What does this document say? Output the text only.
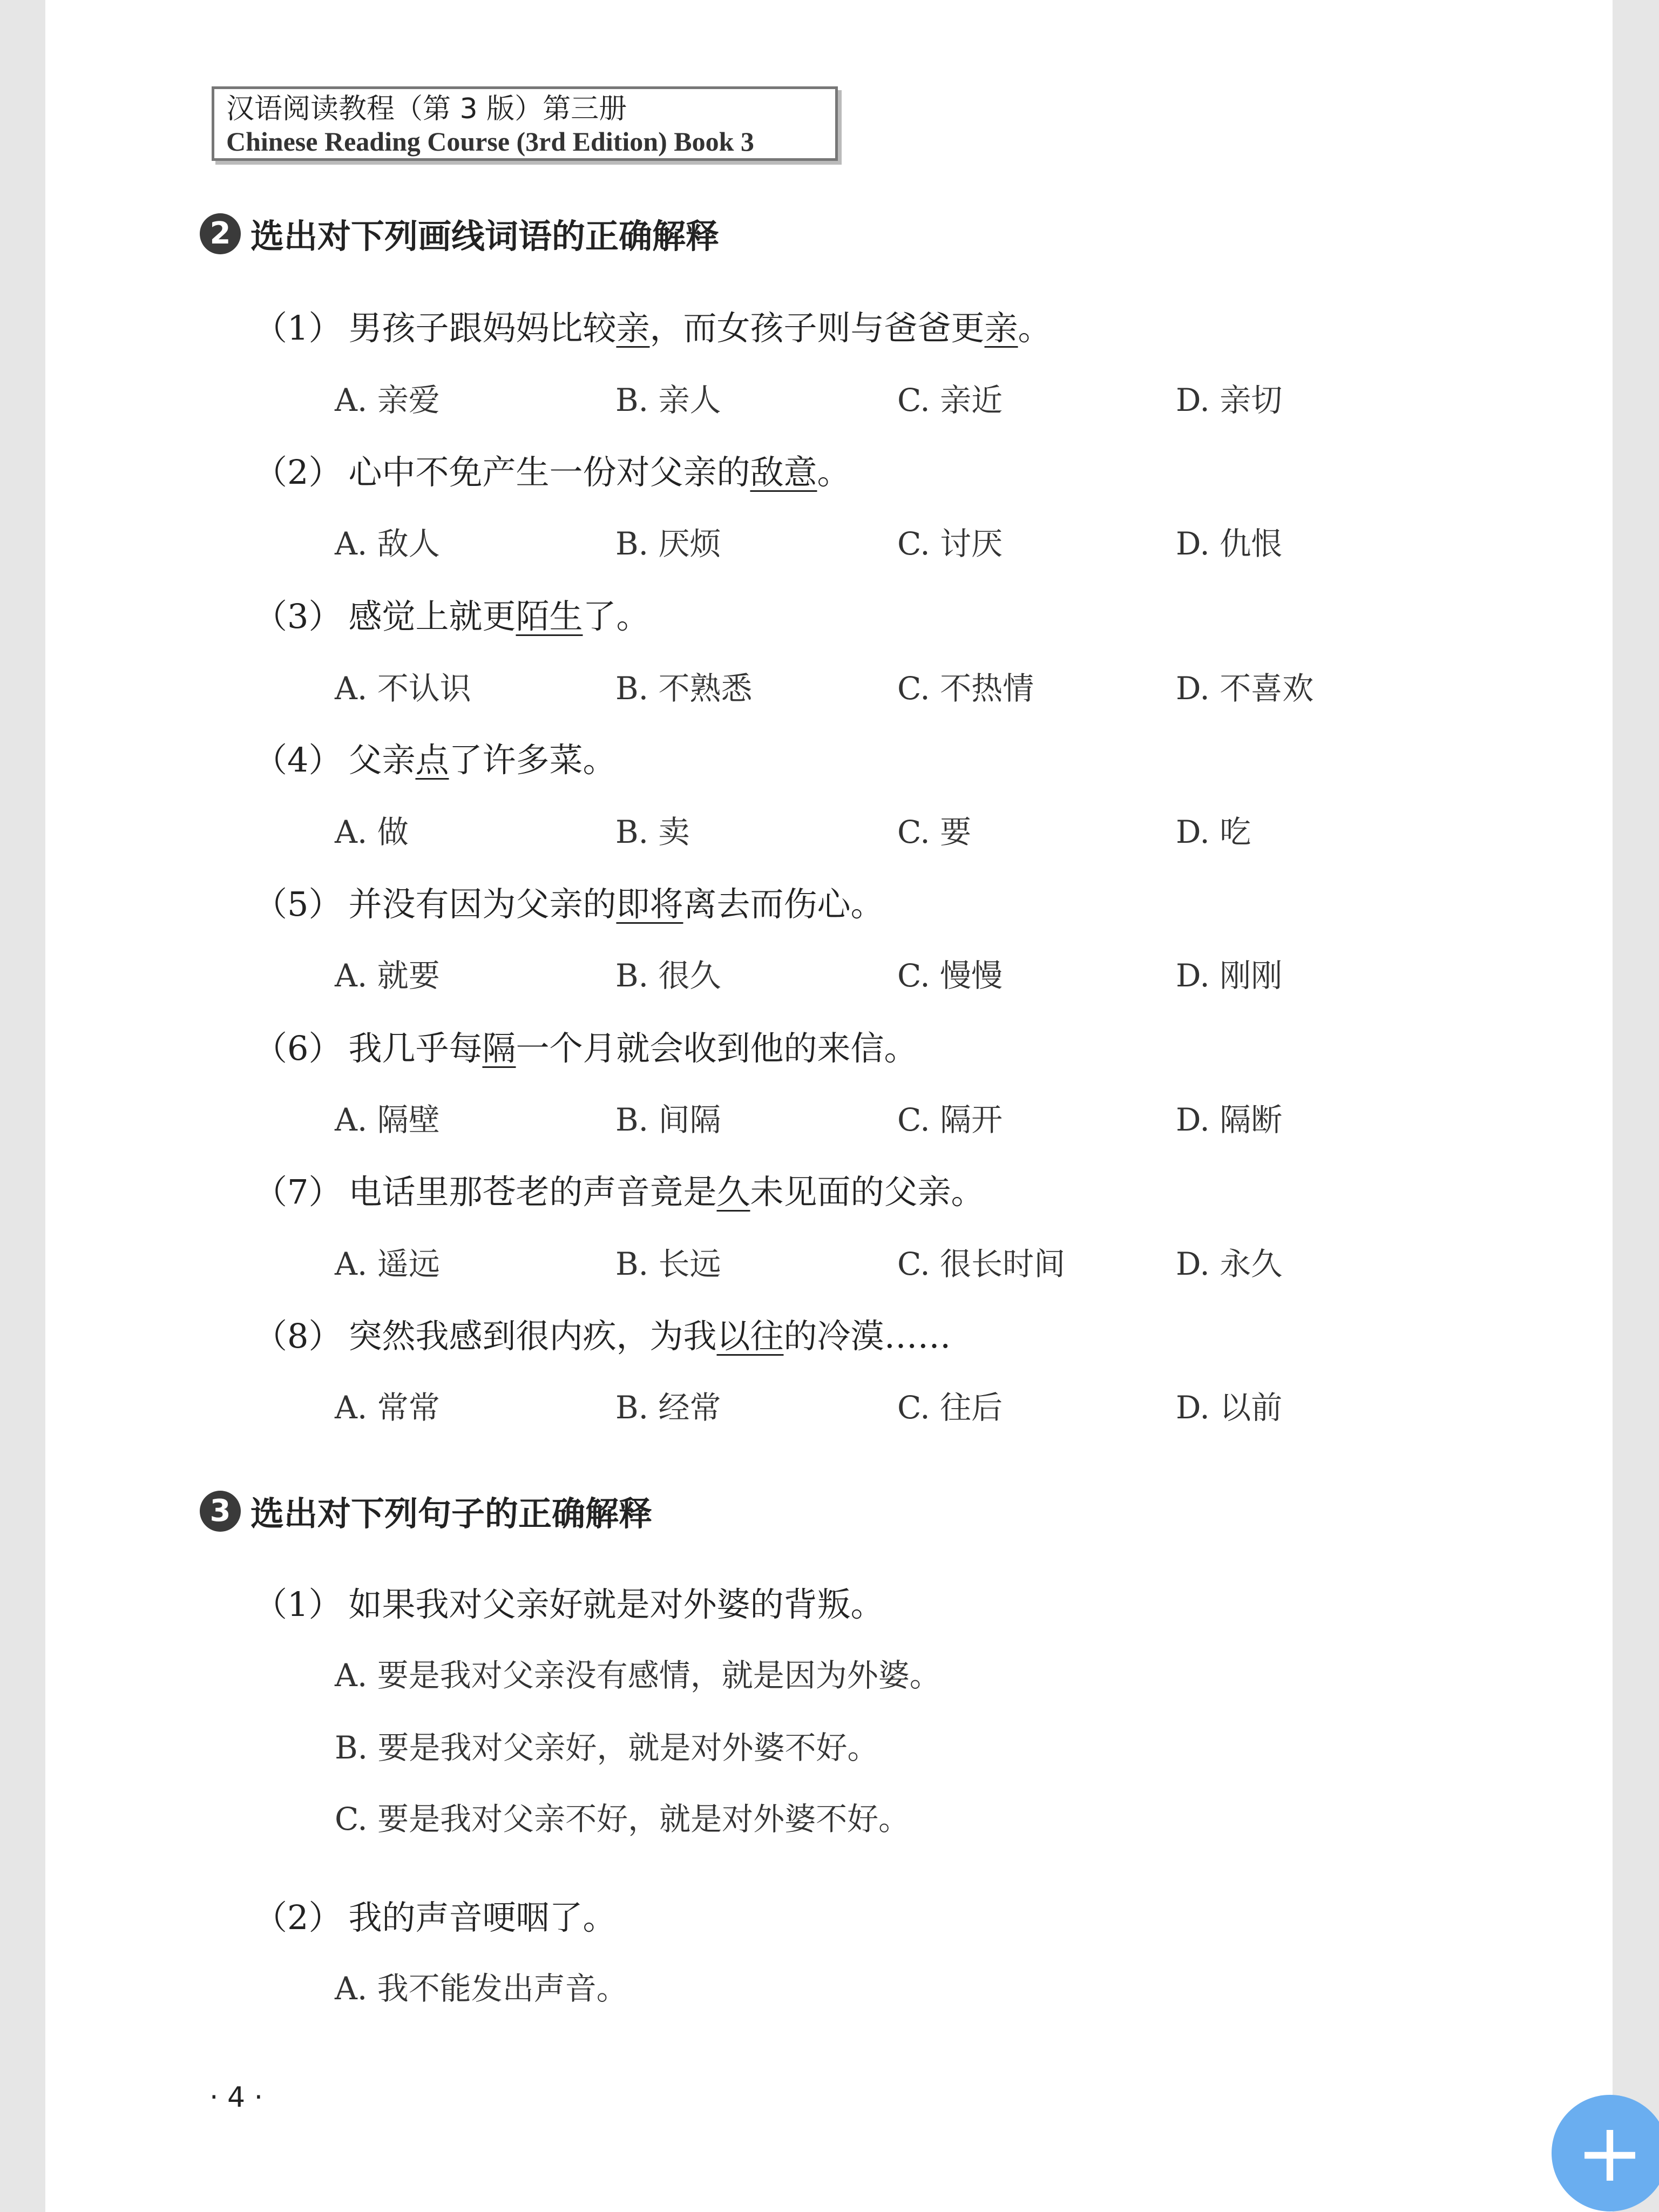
汉语阅读教程（第 3 版）第三册
Chinese Reading Course (3rd Edition) Book 3
2 选出对下列画线词语的正确解释
（1） 男孩子跟妈妈比较亲，而女孩子则与爸爸更亲。
A. 亲爱	B. 亲人	C. 亲近	D. 亲切
（2） 心中不免产生一份对父亲的敌意。
A. 敌人	B. 厌烦	C. 讨厌	D. 仇恨
（3） 感觉上就更陌生了。
A. 不认识	B. 不熟悉	C. 不热情	D. 不喜欢
（4） 父亲点了许多菜。
A. 做	B. 卖	C. 要	D. 吃
（5） 并没有因为父亲的即将离去而伤心。
A. 就要	B. 很久	C. 慢慢	D. 刚刚
（6） 我几乎每隔一个月就会收到他的来信。
A. 隔壁	B. 间隔	C. 隔开	D. 隔断
（7） 电话里那苍老的声音竟是久未见面的父亲。
A. 遥远	B. 长远	C. 很长时间	D. 永久
（8） 突然我感到很内疚，为我以往的冷漠……
A. 常常	B. 经常	C. 往后	D. 以前
3 选出对下列句子的正确解释
（1） 如果我对父亲好就是对外婆的背叛。
A. 要是我对父亲没有感情，就是因为外婆。
B. 要是我对父亲好，就是对外婆不好。
C. 要是我对父亲不好，就是对外婆不好。
（2） 我的声音哽咽了。
A. 我不能发出声音。
· 4 ·
+
